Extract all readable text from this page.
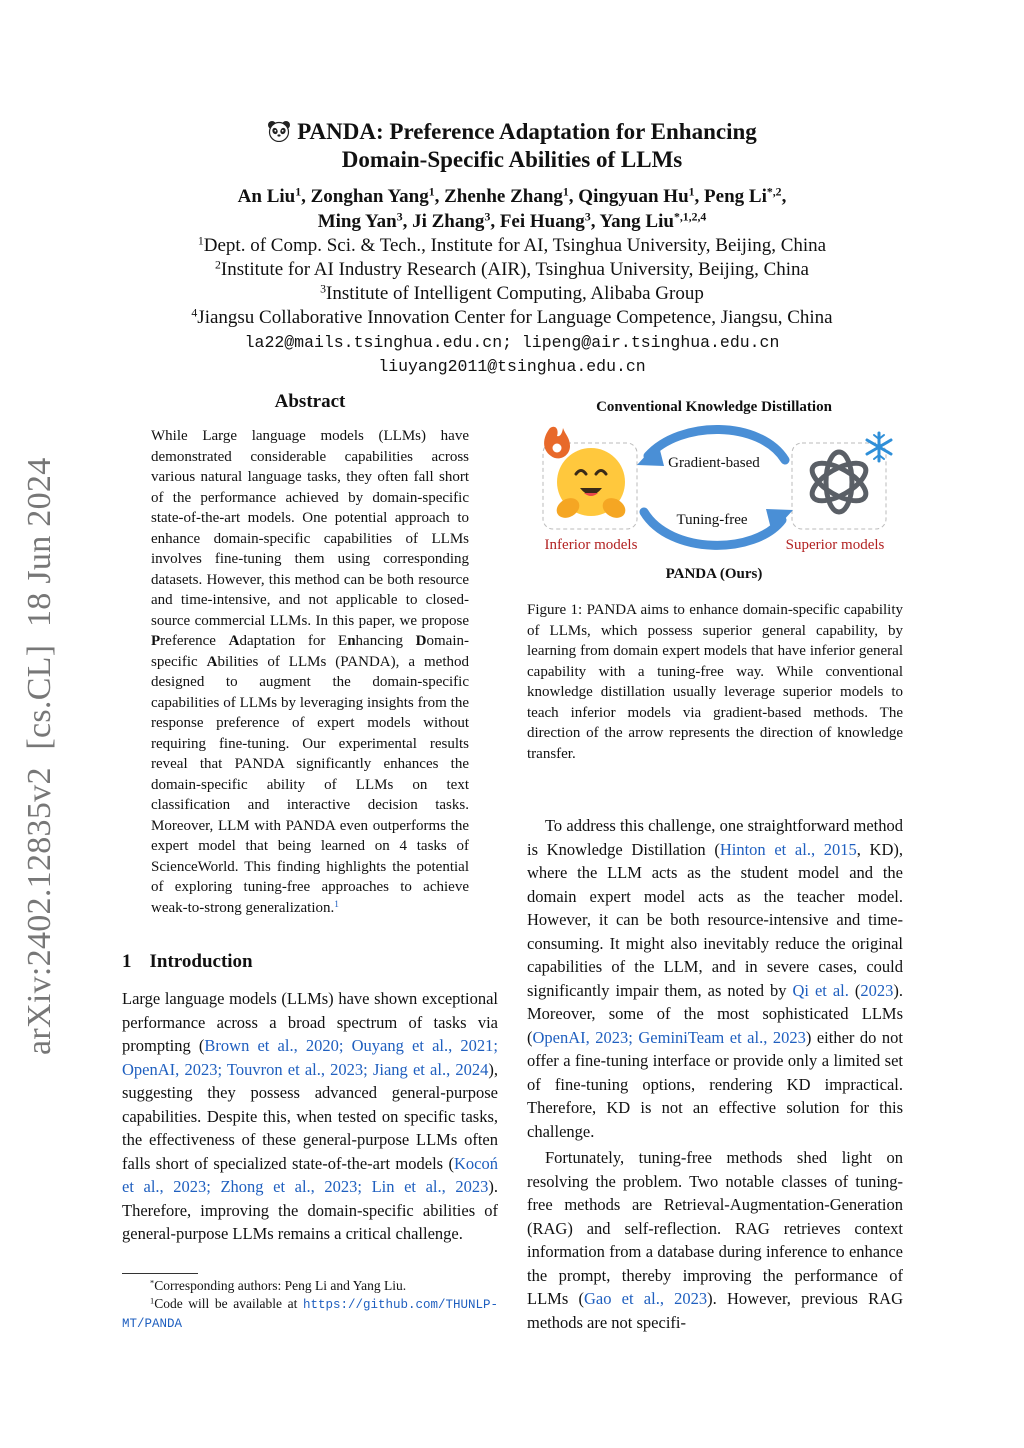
arXiv:2402.12835v2  [cs.CL]  18 Jun 2024
PANDA: Preference Adaptation for Enhancing
Domain-Specific Abilities of LLMs
An Liu$^1$, Zonghan Yang$^1$, Zhenhe Zhang$^1$, Qingyuan Hu$^1$, Peng $Li^{*,2}$,
Ming Yan$^3$, Ji Zhang$^3$, Fei Huang$^3$, Yang Liu$^{*,1,2,4}$
$^1$Dept. of Comp. Sci. & Tech., Institute for AI, Tsinghua University, Beijing, China
$^2$Institute for AI Industry Research (AIR), Tsinghua University, Beijing, China
$^3$Institute of Intelligent Computing, Alibaba Group
$^4$Jiangsu Collaborative Innovation Center for Language Competence, Jiangsu, China
la22@mails.tsinghua.edu.cn; lipeng@air.tsinghua.edu.cn
liuyang2011@tsinghua.edu.cn
Abstract
While Large language models (LLMs) have demonstrated considerable capabilities across various natural language tasks, they often fall short of the performance achieved by domain-specific state-of-the-art models. One potential approach to enhance domain-specific capabilities of LLMs involves fine-tuning them using corresponding datasets. However, this method can be both resource and time-intensive, and not applicable to closed-source commercial LLMs. In this paper, we propose Preference Adaptation for Enhancing Domain-specific Abilities of LLMs (PANDA), a method designed to augment the domain-specific capabilities of LLMs by leveraging insights from the response preference of expert models without requiring fine-tuning. Our experimental results reveal that PANDA significantly enhances the domain-specific ability of LLMs on text classification and interactive decision tasks. Moreover, LLM with PANDA even outperforms the expert model that being learned on 4 tasks of ScienceWorld. This finding highlights the potential of exploring tuning-free approaches to achieve weak-to-strong generalization.$^1$
1 Introduction
Large language models (LLMs) have shown exceptional performance across a broad spectrum of tasks via prompting (Brown et al., 2020; Ouyang et al., 2021; OpenAI, 2023; Touvron et al., 2023; Jiang et al., 2024), suggesting they possess advanced general-purpose capabilities. Despite this, when tested on specific tasks, the effectiveness of these general-purpose LLMs often falls short of specialized state-of-the-art models (Kocoń et al., 2023; Zhong et al., 2023; Lin et al., 2023). Therefore, improving the domain-specific abilities of general-purpose LLMs remains a critical challenge.
*Corresponding authors: Peng Li and Yang Liu.
$^1$Code will be available at https://github.com/THUNLP-MT/PANDA
Conventional Knowledge Distillation
Gradient-based
Tuning-free
Inferior models	Superior models
PANDA (Ours)
Figure 1: PANDA aims to enhance domain-specific capability of LLMs, which possess superior general capability, by learning from domain expert models that have inferior general capability with a tuning-free way. While conventional knowledge distillation usually leverage superior models to teach inferior models via gradient-based methods. The direction of the arrow represents the direction of knowledge transfer.
To address this challenge, one straightforward method is Knowledge Distillation (Hinton et al., 2015, KD), where the LLM acts as the student model and the domain expert model acts as the teacher model. However, it can be both resource-intensive and time-consuming. It might also inevitably reduce the original capabilities of the LLM, and in severe cases, could significantly impair them, as noted by Qi et al. (2023). Moreover, some of the most sophisticated LLMs (OpenAI, 2023; GeminiTeam et al., 2023) either do not offer a fine-tuning interface or provide only a limited set of fine-tuning options, rendering KD impractical. Therefore, KD is not an effective solution for this challenge.
Fortunately, tuning-free methods shed light on resolving the problem. Two notable classes of tuning-free methods are Retrieval-Augmentation-Generation (RAG) and self-reflection. RAG retrieves context information from a database during inference to enhance the prompt, thereby improving the performance of LLMs (Gao et al., 2023). However, previous RAG methods are not specifi-
